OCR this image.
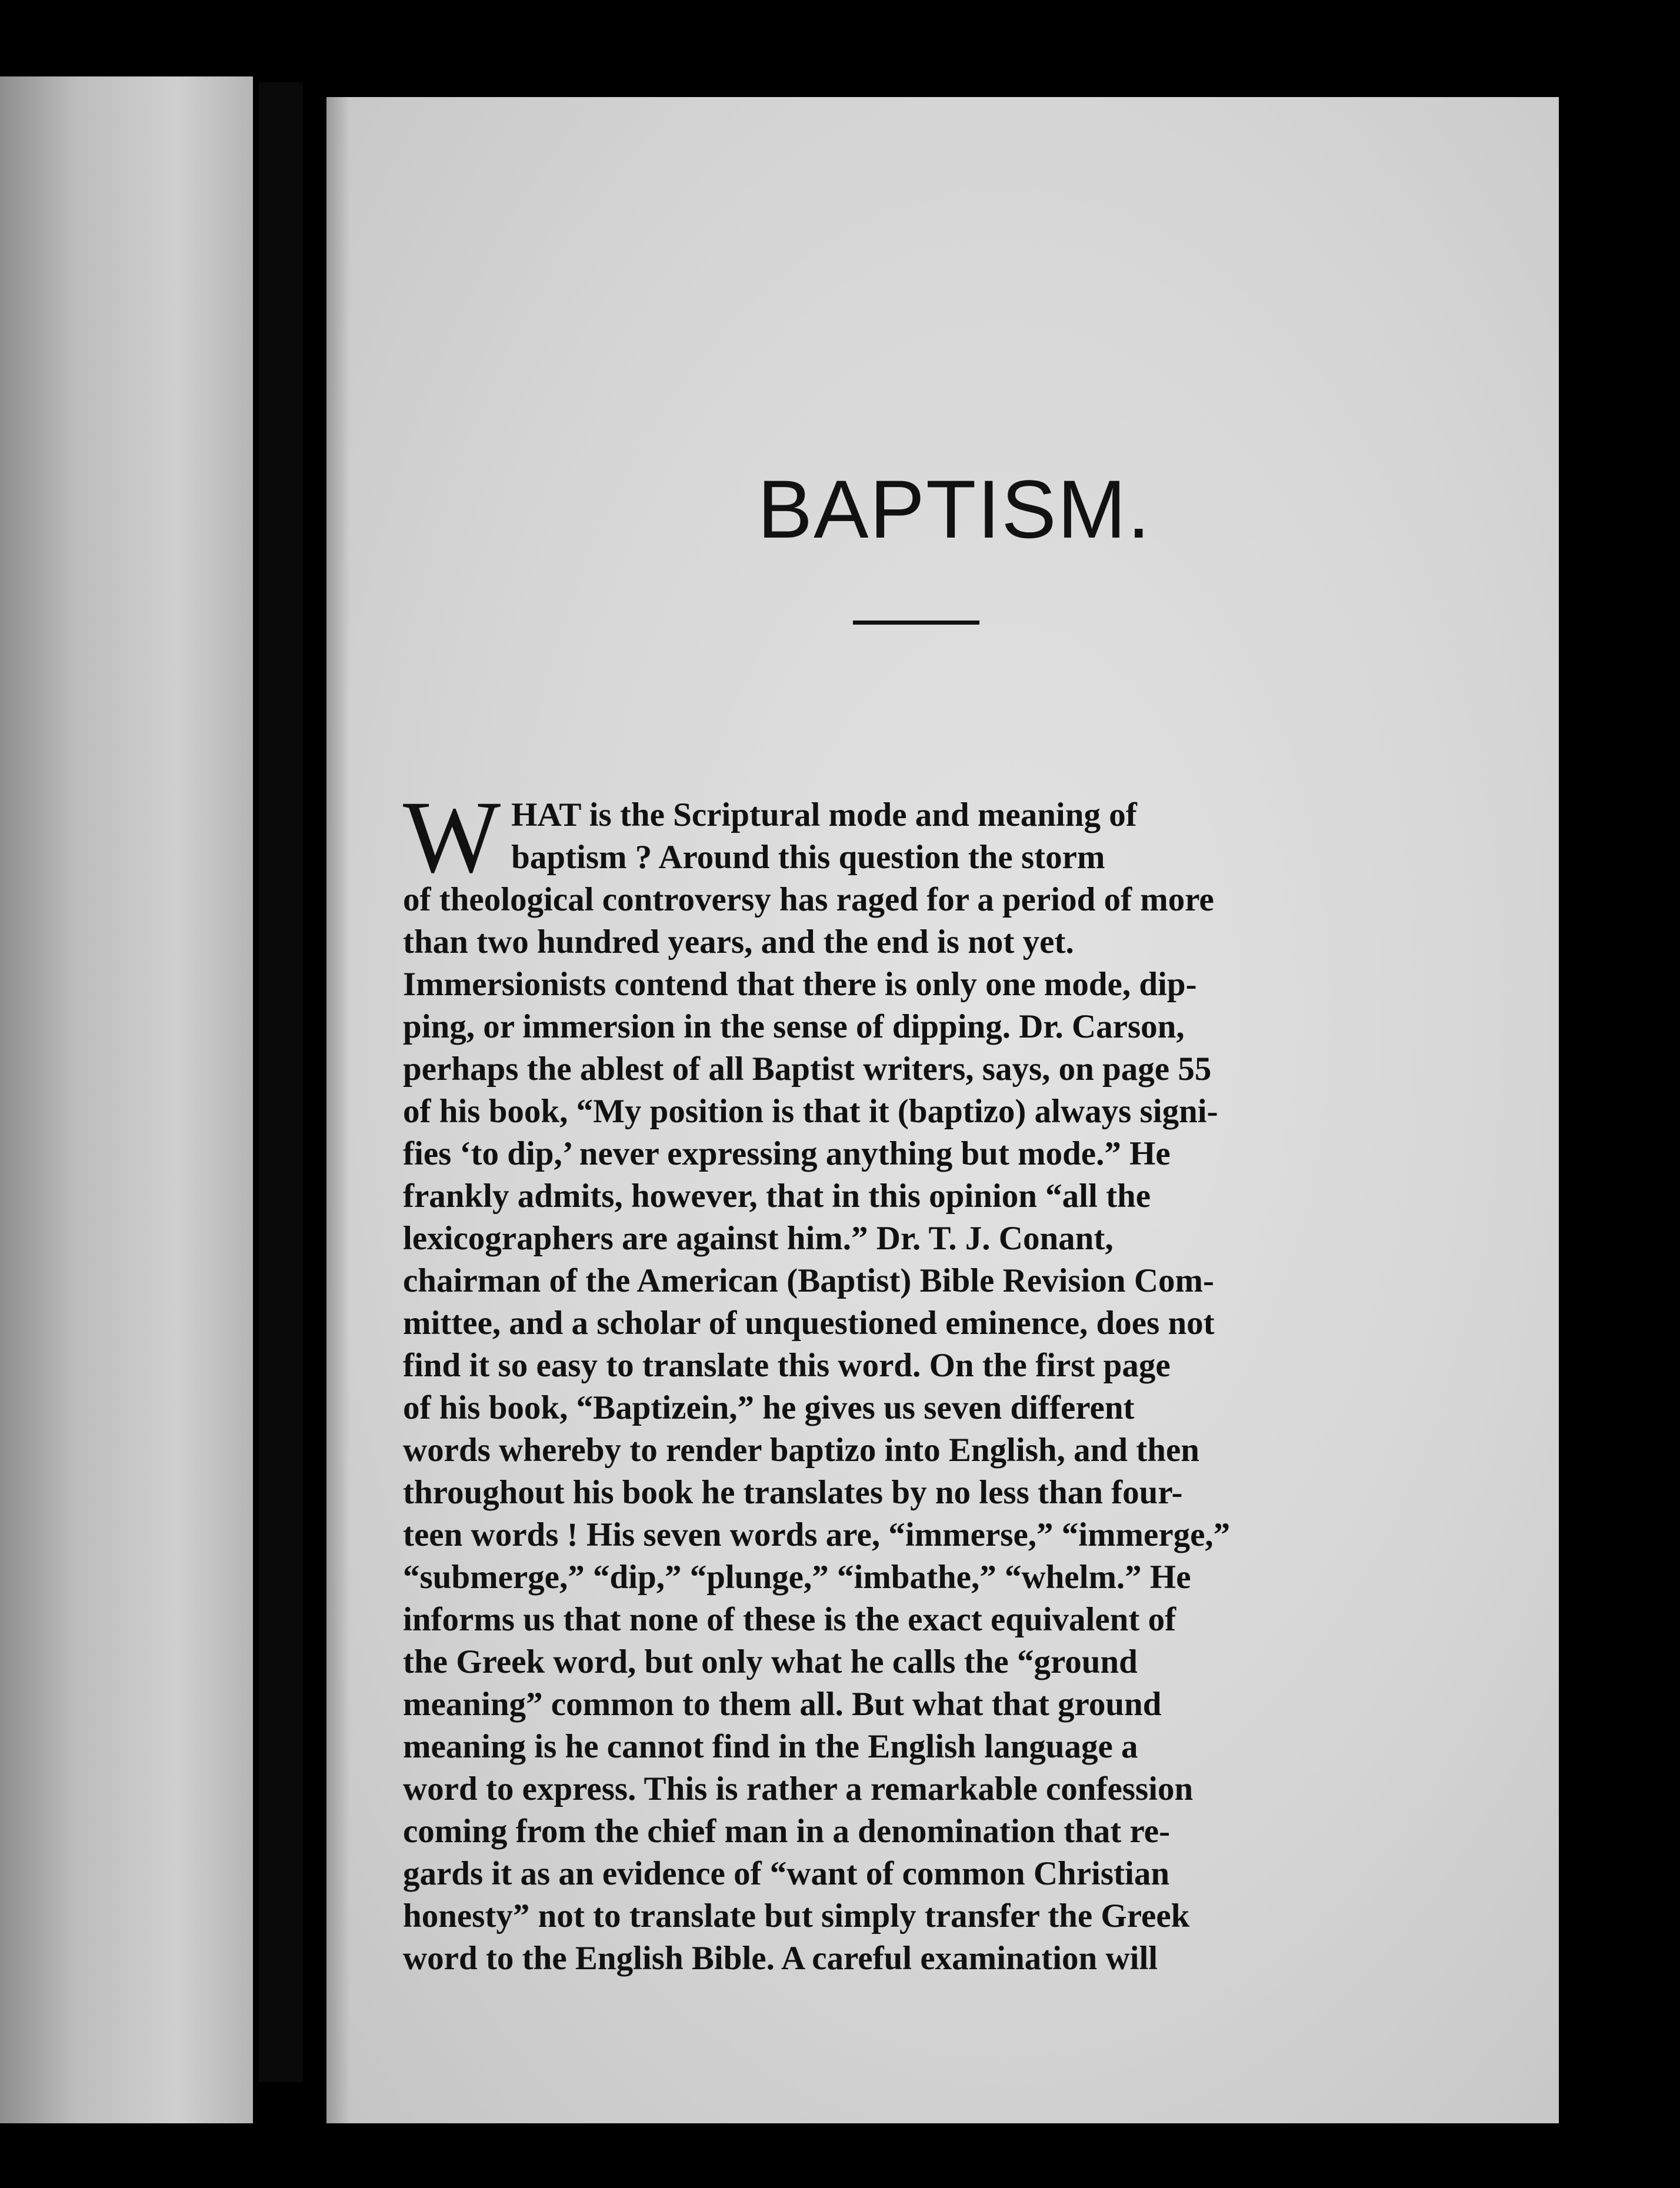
BAPTISM.
W HAT is the Scriptural mode and meaning of
baptism ? Around this question the storm
of theological controversy has raged for a period of more
than two hundred years, and the end is not yet.
Immersionists contend that there is only one mode, dip-
ping, or immersion in the sense of dipping. Dr. Carson,
perhaps the ablest of all Baptist writers, says, on page 55
of his book, “My position is that it (baptizo) always signi-
fies ‘to dip,’ never expressing anything but mode.” He
frankly admits, however, that in this opinion “all the
lexicographers are against him.” Dr. T. J. Conant,
chairman of the American (Baptist) Bible Revision Com-
mittee, and a scholar of unquestioned eminence, does not
find it so easy to translate this word. On the first page
of his book, “Baptizein,” he gives us seven different
words whereby to render baptizo into English, and then
throughout his book he translates by no less than four-
teen words ! His seven words are, “immerse,” “immerge,”
“submerge,” “dip,” “plunge,” “imbathe,” “whelm.” He
informs us that none of these is the exact equivalent of
the Greek word, but only what he calls the “ground
meaning” common to them all. But what that ground
meaning is he cannot find in the English language a
word to express. This is rather a remarkable confession
coming from the chief man in a denomination that re-
gards it as an evidence of “want of common Christian
honesty” not to translate but simply transfer the Greek
word to the English Bible. A careful examination will
